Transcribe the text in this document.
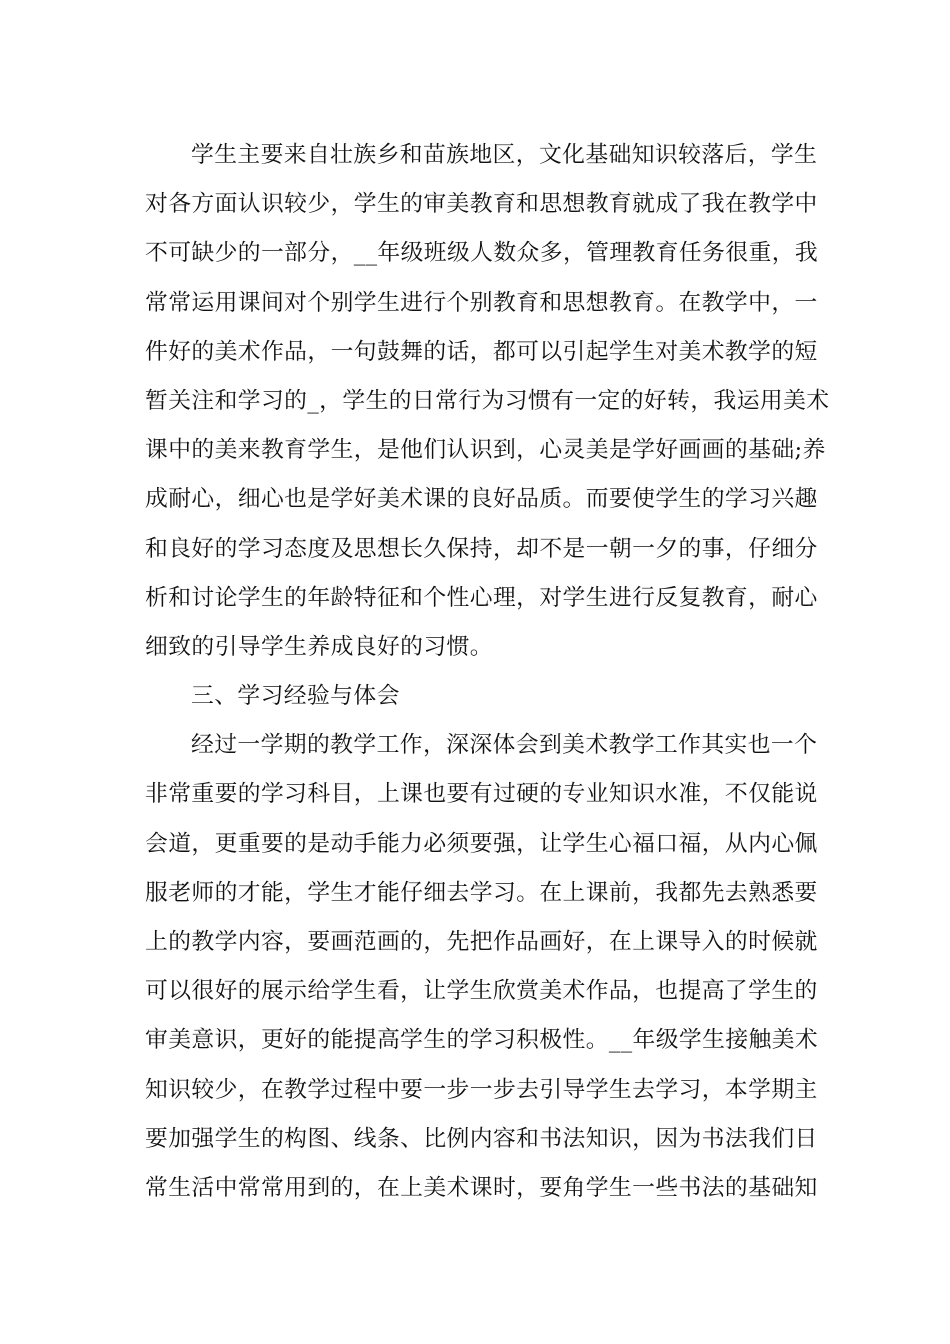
学生主要来自壮族乡和苗族地区，文化基础知识较落后，学生
对各方面认识较少，学生的审美教育和思想教育就成了我在教学中
不可缺少的一部分，__年级班级人数众多，管理教育任务很重，我
常常运用课间对个别学生进行个别教育和思想教育。在教学中，一
件好的美术作品，一句鼓舞的话，都可以引起学生对美术教学的短
暂关注和学习的_，学生的日常行为习惯有一定的好转，我运用美术
课中的美来教育学生，是他们认识到，心灵美是学好画画的基础;养
成耐心，细心也是学好美术课的良好品质。而要使学生的学习兴趣
和良好的学习态度及思想长久保持，却不是一朝一夕的事，仔细分
析和讨论学生的年龄特征和个性心理，对学生进行反复教育，耐心
细致的引导学生养成良好的习惯。
三、学习经验与体会
经过一学期的教学工作，深深体会到美术教学工作其实也一个
非常重要的学习科目，上课也要有过硬的专业知识水准，不仅能说
会道，更重要的是动手能力必须要强，让学生心福口福，从内心佩
服老师的才能，学生才能仔细去学习。在上课前，我都先去熟悉要
上的教学内容，要画范画的，先把作品画好，在上课导入的时候就
可以很好的展示给学生看，让学生欣赏美术作品，也提高了学生的
审美意识，更好的能提高学生的学习积极性。__年级学生接触美术
知识较少，在教学过程中要一步一步去引导学生去学习，本学期主
要加强学生的构图、线条、比例内容和书法知识，因为书法我们日
常生活中常常用到的，在上美术课时，要角学生一些书法的基础知
